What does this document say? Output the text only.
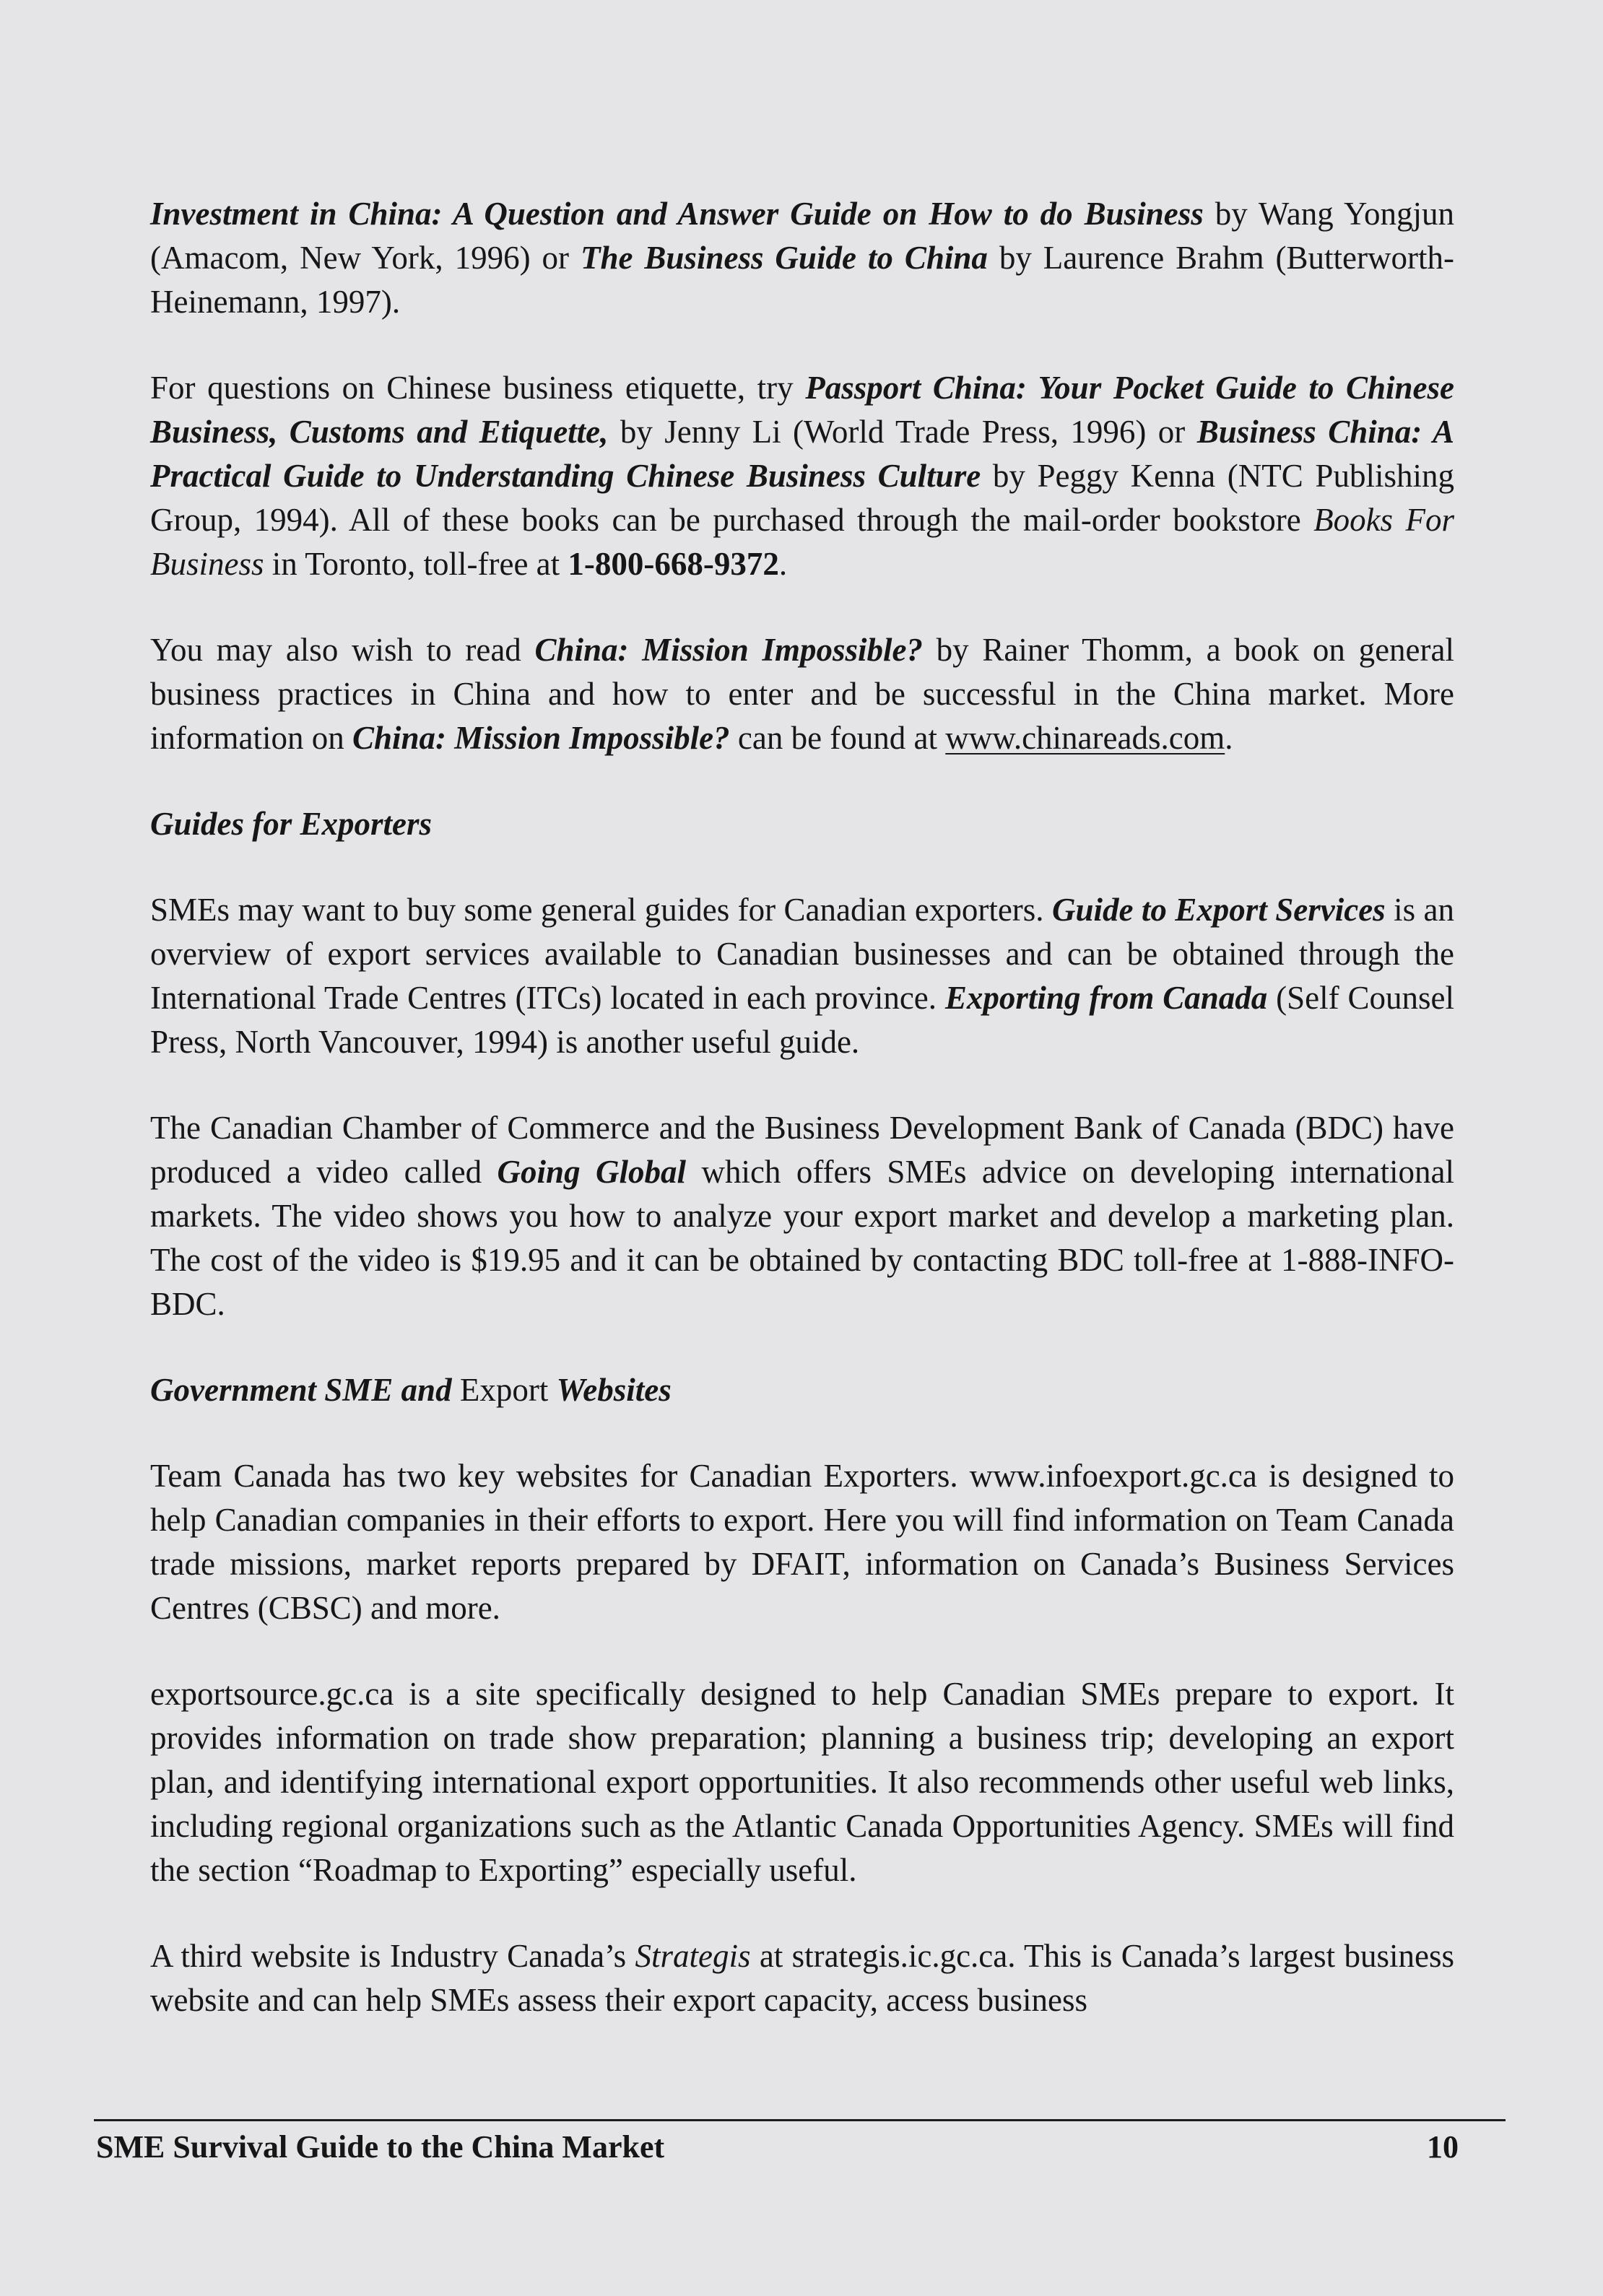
Investment in China: A Question and Answer Guide on How to do Business by Wang Yongjun (Amacom, New York, 1996) or The Business Guide to China by Laurence Brahm (Butterworth-Heinemann, 1997).

For questions on Chinese business etiquette, try Passport China: Your Pocket Guide to Chinese Business, Customs and Etiquette, by Jenny Li (World Trade Press, 1996) or Business China: A Practical Guide to Understanding Chinese Business Culture by Peggy Kenna (NTC Publishing Group, 1994). All of these books can be purchased through the mail-order bookstore Books For Business in Toronto, toll-free at 1-800-668-9372.

You may also wish to read China: Mission Impossible? by Rainer Thomm, a book on general business practices in China and how to enter and be successful in the China market. More information on China: Mission Impossible? can be found at www.chinareads.com.

Guides for Exporters

SMEs may want to buy some general guides for Canadian exporters. Guide to Export Services is an overview of export services available to Canadian businesses and can be obtained through the International Trade Centres (ITCs) located in each province. Exporting from Canada (Self Counsel Press, North Vancouver, 1994) is another useful guide.

The Canadian Chamber of Commerce and the Business Development Bank of Canada (BDC) have produced a video called Going Global which offers SMEs advice on developing international markets. The video shows you how to analyze your export market and develop a marketing plan. The cost of the video is $19.95 and it can be obtained by contacting BDC toll-free at 1-888-INFO-BDC.

Government SME and Export Websites

Team Canada has two key websites for Canadian Exporters. www.infoexport.gc.ca is designed to help Canadian companies in their efforts to export. Here you will find information on Team Canada trade missions, market reports prepared by DFAIT, information on Canada’s Business Services Centres (CBSC) and more.

exportsource.gc.ca is a site specifically designed to help Canadian SMEs prepare to export. It provides information on trade show preparation; planning a business trip; developing an export plan, and identifying international export opportunities. It also recommends other useful web links, including regional organizations such as the Atlantic Canada Opportunities Agency. SMEs will find the section “Roadmap to Exporting” especially useful.

A third website is Industry Canada’s Strategis at strategis.ic.gc.ca. This is Canada’s largest business website and can help SMEs assess their export capacity, access business

SME Survival Guide to the China Market	10
